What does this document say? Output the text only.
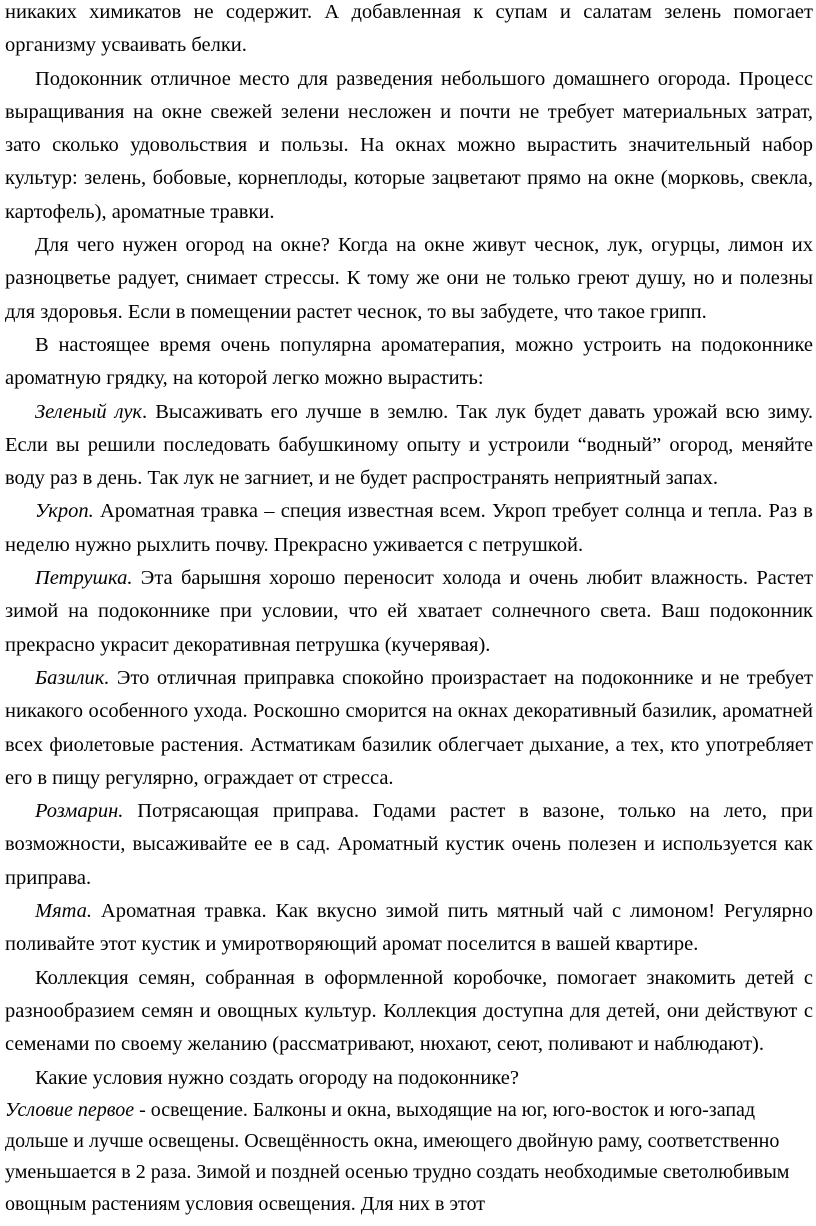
никаких химикатов не содержит. А добавленная к супам и салатам зелень помогает организму усваивать белки.

Подоконник отличное место для разведения небольшого домашнего огорода. Процесс выращивания на окне свежей зелени несложен и почти не требует материальных затрат, зато сколько удовольствия и пользы. На окнах можно вырастить значительный набор культур: зелень, бобовые, корнеплоды, которые зацветают прямо на окне (морковь, свекла, картофель), ароматные травки.

Для чего нужен огород на окне? Когда на окне живут чеснок, лук, огурцы, лимон их разноцветье радует, снимает стрессы. К тому же они не только греют душу, но и полезны для здоровья. Если в помещении растет чеснок, то вы забудете, что такое грипп.

В настоящее время очень популярна ароматерапия, можно устроить на подоконнике ароматную грядку, на которой легко можно вырастить:

Зеленый лук. Высаживать его лучше в землю. Так лук будет давать урожай всю зиму. Если вы решили последовать бабушкиному опыту и устроили “водный” огород, меняйте воду раз в день. Так лук не загниет, и не будет распространять неприятный запах.

Укроп. Ароматная травка – специя известная всем. Укроп требует солнца и тепла. Раз в неделю нужно рыхлить почву. Прекрасно уживается с петрушкой.

Петрушка. Эта барышня хорошо переносит холода и очень любит влажность. Растет зимой на подоконнике при условии, что ей хватает солнечного света. Ваш подоконник прекрасно украсит декоративная петрушка (кучерявая).

Базилик. Это отличная приправка спокойно произрастает на подоконнике и не требует никакого особенного ухода. Роскошно сморится на окнах декоративный базилик, ароматней всех фиолетовые растения. Астматикам базилик облегчает дыхание, а тех, кто употребляет его в пищу регулярно, ограждает от стресса.

Розмарин. Потрясающая приправа. Годами растет в вазоне, только на лето, при возможности, высаживайте ее в сад. Ароматный кустик очень полезен и используется как приправа.

Мята. Ароматная травка. Как вкусно зимой пить мятный чай с лимоном! Регулярно поливайте этот кустик и умиротворяющий аромат поселится в вашей квартире.

Коллекция семян, собранная в оформленной коробочке, помогает знакомить детей с разнообразием семян и овощных культур. Коллекция доступна для детей, они действуют с семенами по своему желанию (рассматривают, нюхают, сеют, поливают и наблюдают).

Какие условия нужно создать огороду на подоконнике?

Условие первое - освещение. Балконы и окна, выходящие на юг, юго-восток и юго-запад дольше и лучше освещены. Освещённость окна, имеющего двойную раму, соответственно уменьшается в 2 раза. Зимой и поздней осенью трудно создать необходимые светолюбивым овощным растениям условия освещения. Для них в этот
